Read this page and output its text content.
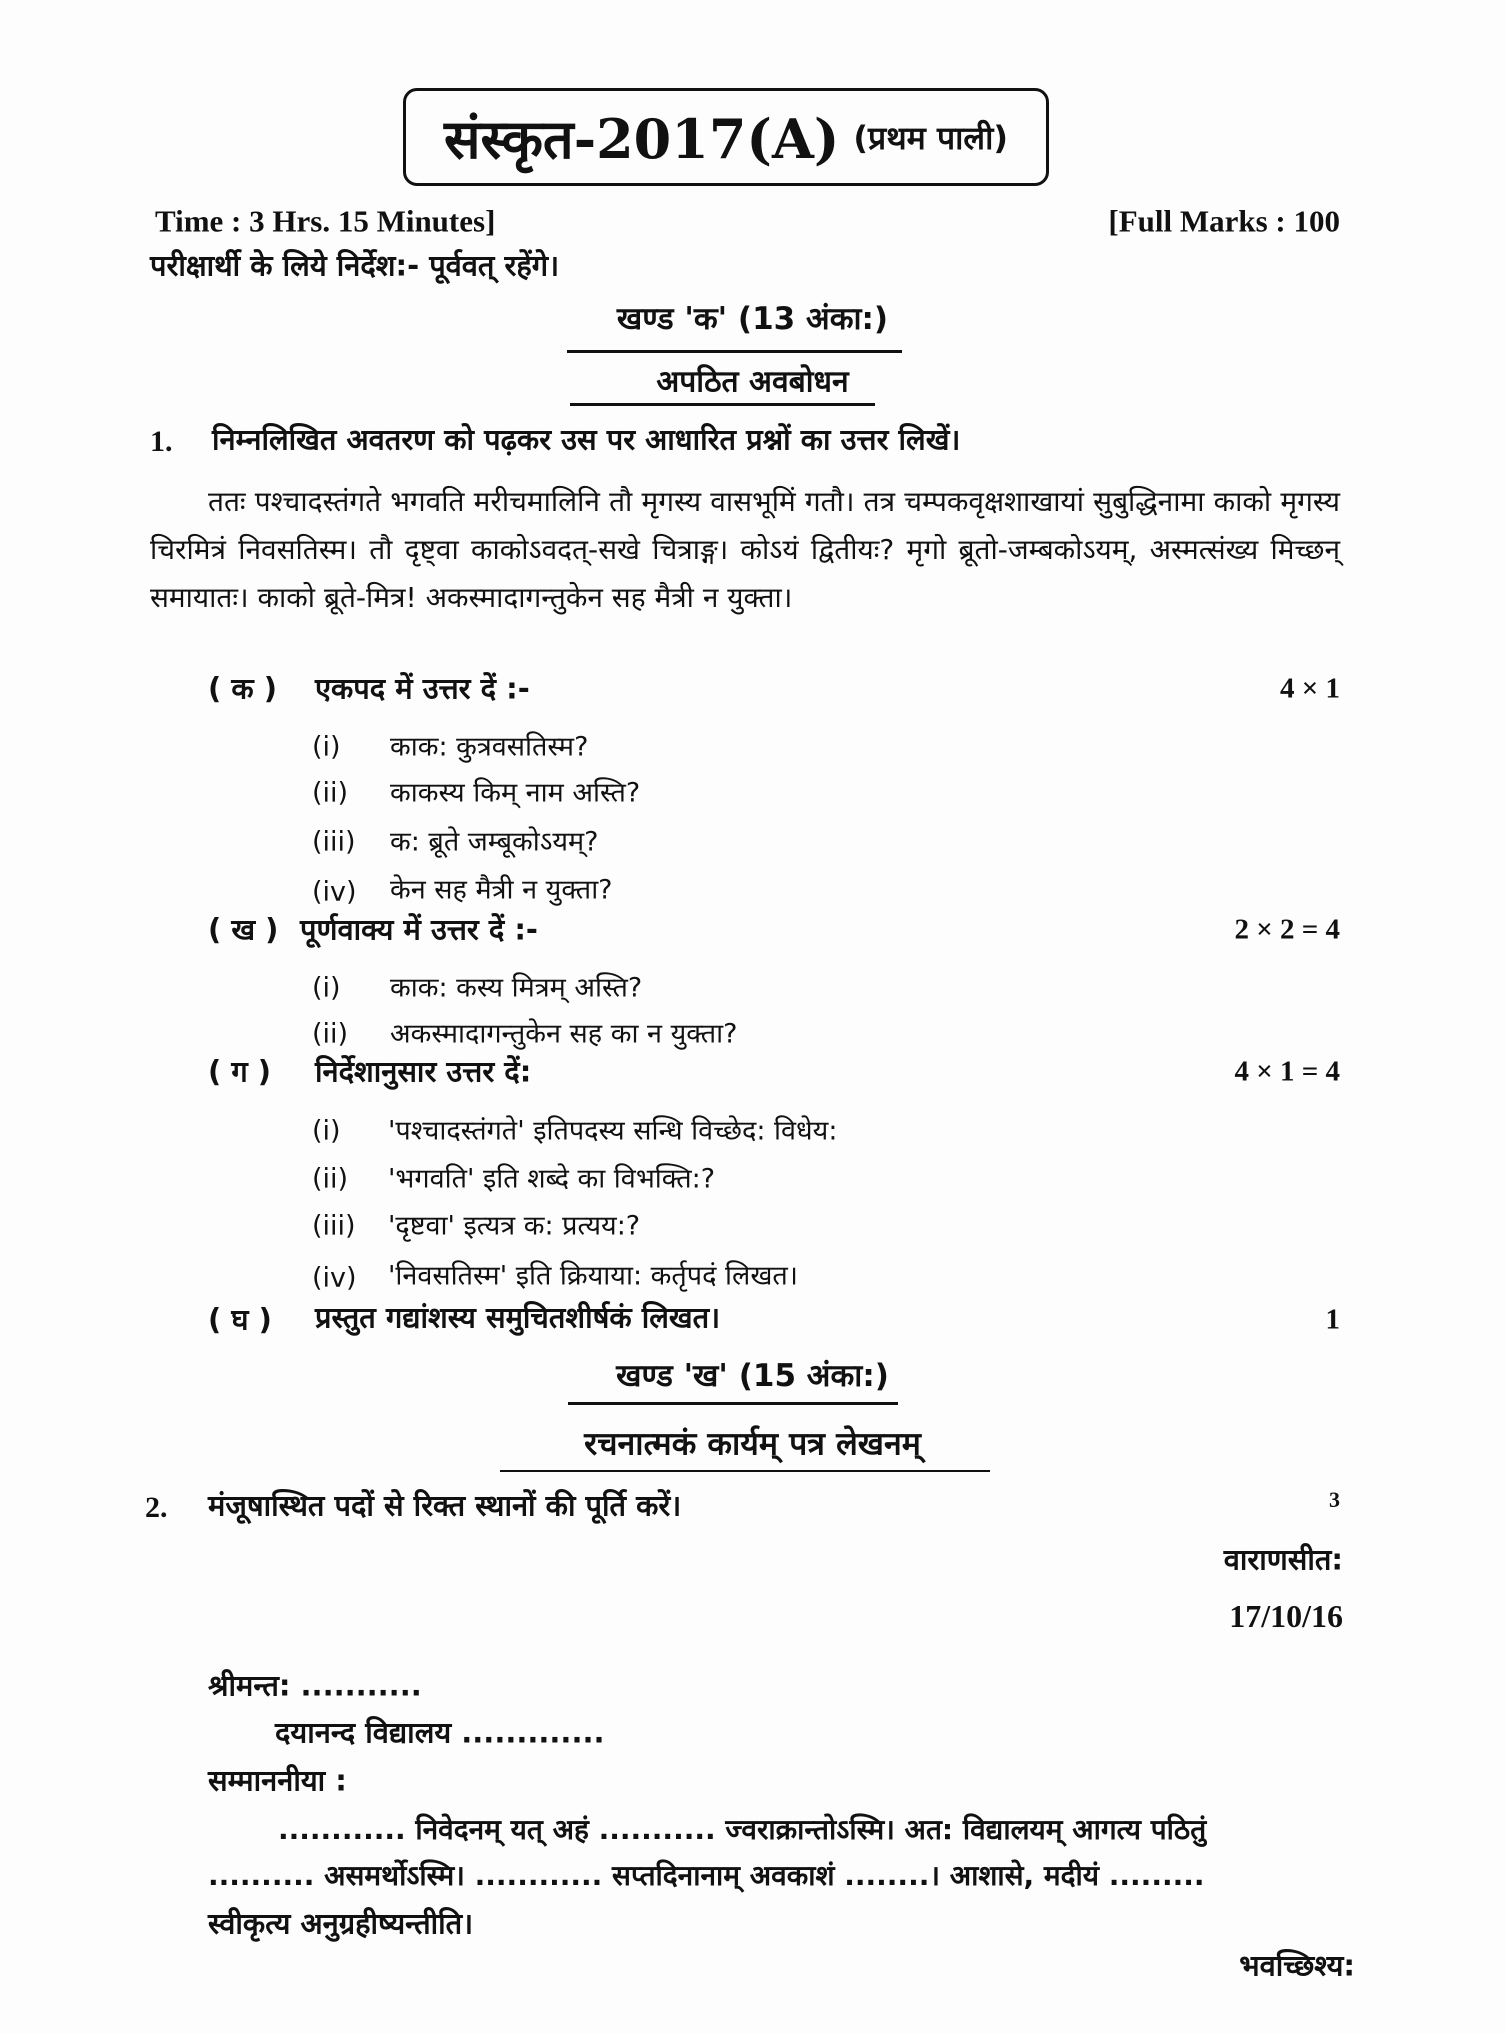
संस्कृत-2017(A) (प्रथम पाली)
Time : 3 Hrs. 15 Minutes]	[Full Marks : 100
परीक्षार्थी के लिये निर्देश:- पूर्ववत् रहेंगे।
खण्ड 'क' (13 अंका:)
अपठित अवबोधन
1. निम्नलिखित अवतरण को पढ़कर उस पर आधारित प्रश्नों का उत्तर लिखें।
ततः पश्चादस्तंगते भगवति मरीचमालिनि तौ मृगस्य वासभूमिं गतौ। तत्र चम्पकवृक्षशाखायां सुबुद्धिनामा काको मृगस्य चिरमित्रं निवसतिस्म। तौ दृष्ट्वा काकोऽवदत्-सखे चित्राङ्ग। कोऽयं द्वितीयः? मृगो ब्रूतो-जम्बकोऽयम्, अस्मत्संख्य मिच्छन् समायातः। काको ब्रूते-मित्र! अकस्मादागन्तुकेन सह मैत्री न युक्ता।
( क ) एकपद में उत्तर दें :-	4 × 1
(i) काक: कुत्रवसतिस्म?
(ii) काकस्य किम् नाम अस्ति?
(iii) क: ब्रूते जम्बूकोऽयम्?
(iv) केन सह मैत्री न युक्ता?
( ख ) पूर्णवाक्य में उत्तर दें :-	2 × 2 = 4
(i) काक: कस्य मित्रम् अस्ति?
(ii) अकस्मादागन्तुकेन सह का न युक्ता?
( ग ) निर्देशानुसार उत्तर दें:	4 × 1 = 4
(i) 'पश्चादस्तंगते' इतिपदस्य सन्धि विच्छेद: विधेय:
(ii) 'भगवति' इति शब्दे का विभक्ति:?
(iii) 'दृष्टवा' इत्यत्र क: प्रत्यय:?
(iv) 'निवसतिस्म' इति क्रियाया: कर्तृपदं लिखत।
( घ ) प्रस्तुत गद्यांशस्य समुचितशीर्षकं लिखत।	1
खण्ड 'ख' (15 अंका:)
रचनात्मकं कार्यम् पत्र लेखनम्
2. मंजूषास्थित पदों से रिक्त स्थानों की पूर्ति करें।	3
वाराणसीत:
17/10/16
श्रीमन्त: ...........
दयानन्द विद्यालय .............
सम्माननीया :
............ निवेदनम् यत् अहं ........... ज्वराक्रान्तोऽस्मि। अत: विद्यालयम् आगत्य पठितुं
.......... असमर्थोऽस्मि। ............ सप्तदिनानाम् अवकाशं ........। आशासे, मदीयं .........
स्वीकृत्य अनुग्रहीष्यन्तीति।
भवच्छिश्य:
